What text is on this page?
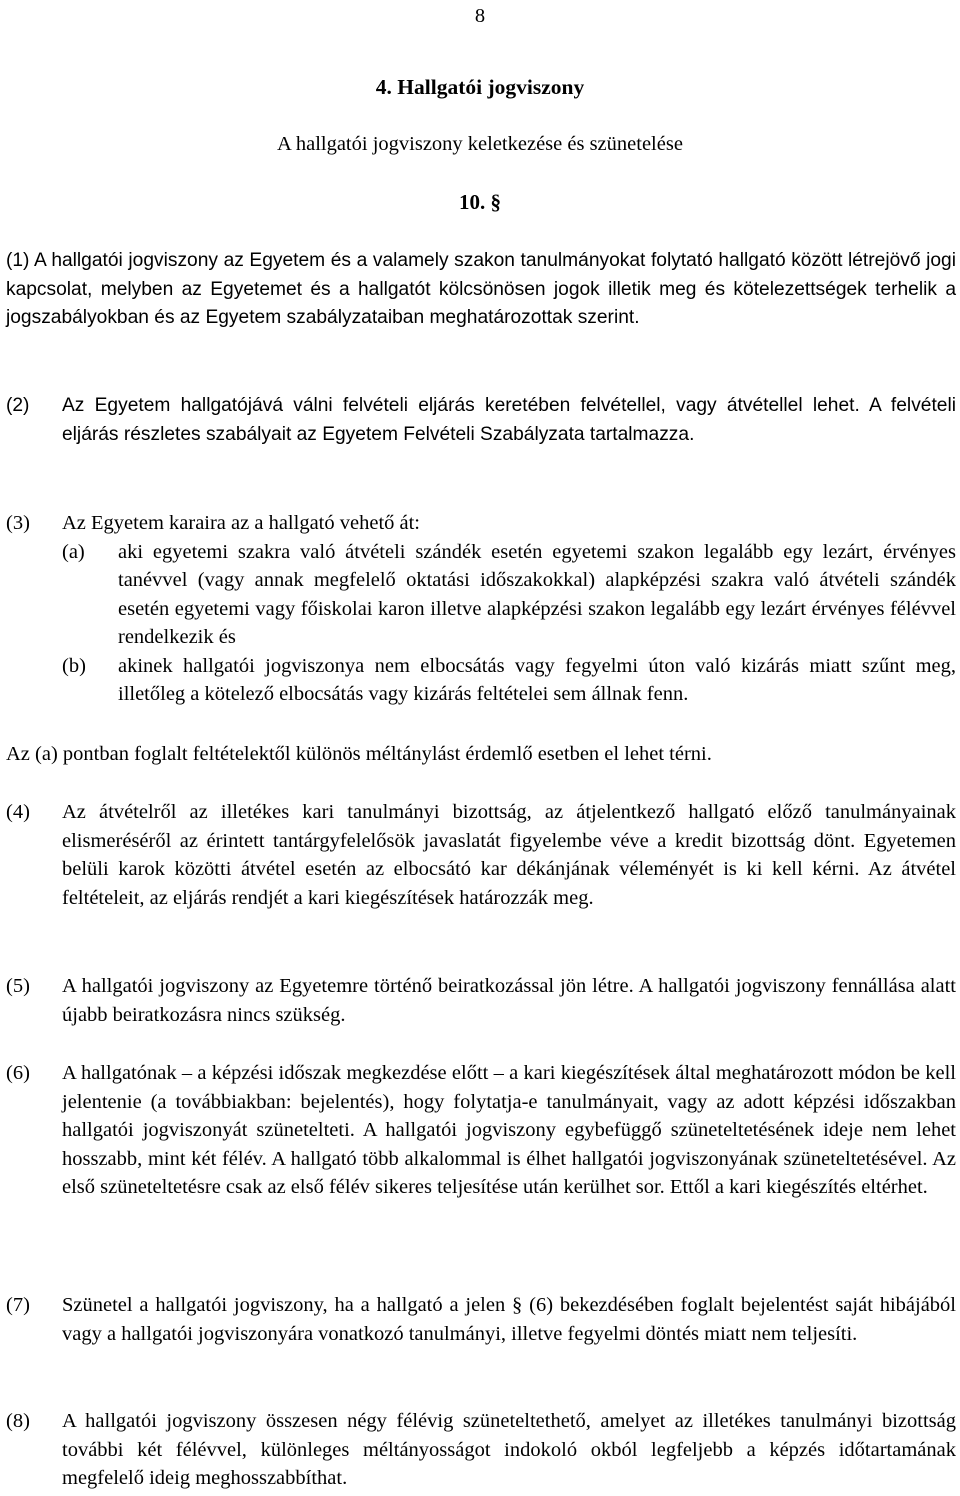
8
4. Hallgatói jogviszony
A hallgatói jogviszony keletkezése és szünetelése
10. §
(1) A hallgatói jogviszony az Egyetem és a valamely szakon tanulmányokat folytató hallgató között létrejövő jogi kapcsolat, melyben az Egyetemet és a hallgatót kölcsönösen jogok illetik meg és kötelezettségek terhelik a jogszabályokban és az Egyetem szabályzataiban meghatározottak szerint.
(2) Az Egyetem hallgatójává válni felvételi eljárás keretében felvétellel, vagy átvétellel lehet. A felvételi eljárás részletes szabályait az Egyetem Felvételi Szabályzata tartalmazza.
(3) Az Egyetem karaira az a hallgató vehető át:
(a) aki egyetemi szakra való átvételi szándék esetén egyetemi szakon legalább egy lezárt, érvényes tanévvel (vagy annak megfelelő oktatási időszakokkal) alapképzési szakra való átvételi szándék esetén egyetemi vagy főiskolai karon illetve alapképzési szakon legalább egy lezárt érvényes félévvel rendelkezik és
(b) akinek hallgatói jogviszonya nem elbocsátás vagy fegyelmi úton való kizárás miatt szűnt meg, illetőleg a kötelező elbocsátás vagy kizárás feltételei sem állnak fenn.
Az (a) pontban foglalt feltételektől különös méltánylást érdemlő esetben el lehet térni.
(4) Az átvételről az illetékes kari tanulmányi bizottság, az átjelentkező hallgató előző tanulmányainak elismeréséről az érintett tantárgyfelelősök javaslatát figyelembe véve a kredit bizottság dönt. Egyetemen belüli karok közötti átvétel esetén az elbocsátó kar dékánjának véleményét is ki kell kérni. Az átvétel feltételeit, az eljárás rendjét a kari kiegészítések határozzák meg.
(5) A hallgatói jogviszony az Egyetemre történő beiratkozással jön létre. A hallgatói jogviszony fennállása alatt újabb beiratkozásra nincs szükség.
(6) A hallgatónak – a képzési időszak megkezdése előtt – a kari kiegészítések által meghatározott módon be kell jelentenie (a továbbiakban: bejelentés), hogy folytatja-e tanulmányait, vagy az adott képzési időszakban hallgatói jogviszonyát szünetelteti. A hallgatói jogviszony egybefüggő szüneteltetésének ideje nem lehet hosszabb, mint két félév. A hallgató több alkalommal is élhet hallgatói jogviszonyának szüneteltetésével. Az első szüneteltetésre csak az első félév sikeres teljesítése után kerülhet sor. Ettől a kari kiegészítés eltérhet.
(7) Szünetel a hallgatói jogviszony, ha a hallgató a jelen § (6) bekezdésében foglalt bejelentést saját hibájából vagy a hallgatói jogviszonyára vonatkozó tanulmányi, illetve fegyelmi döntés miatt nem teljesíti.
(8) A hallgatói jogviszony összesen négy félévig szüneteltethető, amelyet az illetékes tanulmányi bizottság további két félévvel, különleges méltányosságot indokoló okból legfeljebb a képzés időtartamának megfelelő ideig meghosszabbíthat.
